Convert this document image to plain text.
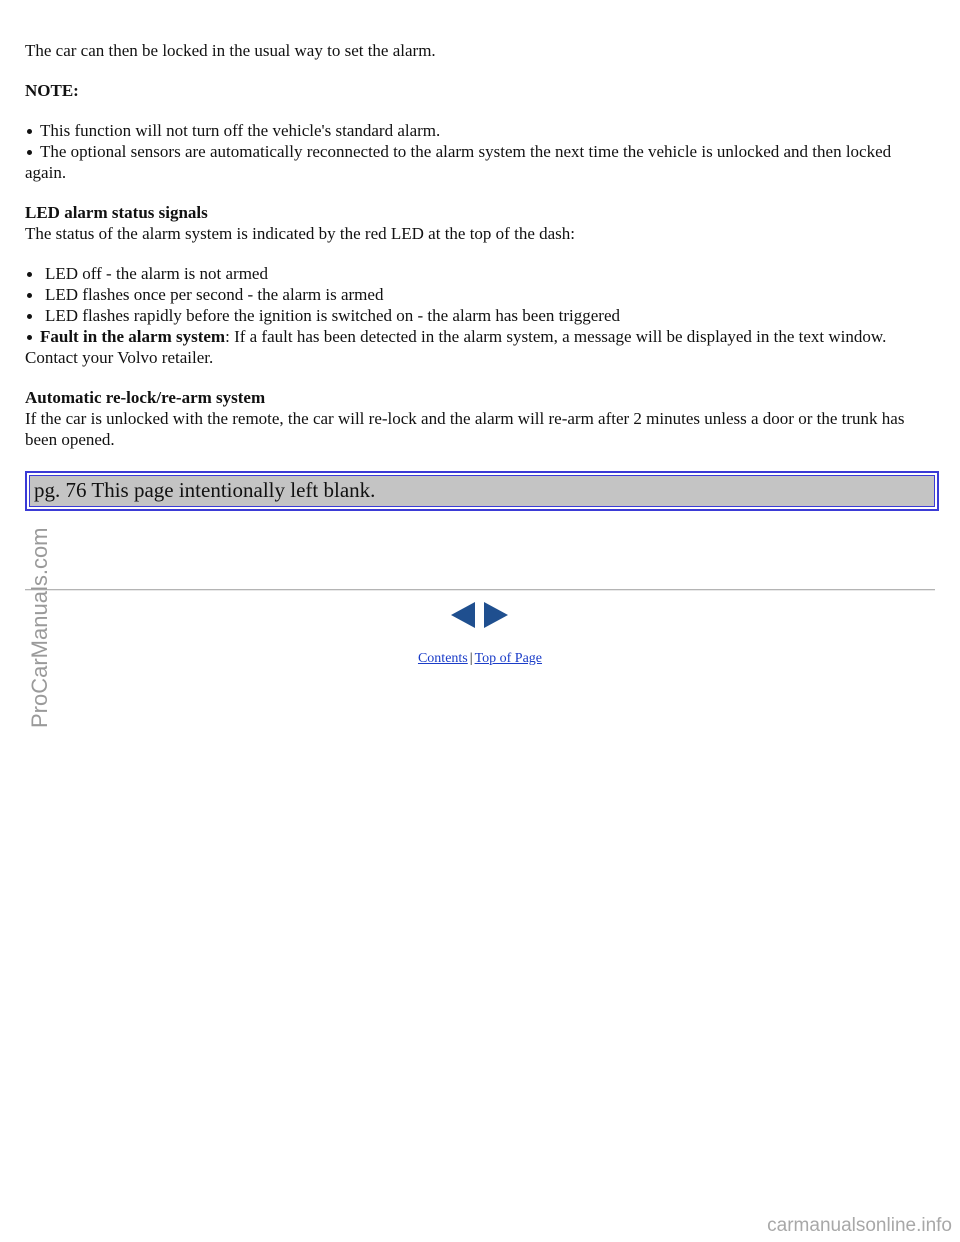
The car can then be locked in the usual way to set the alarm.

NOTE:

This function will not turn off the vehicle's standard alarm.
The optional sensors are automatically reconnected to the alarm system the next time the vehicle is unlocked and then locked again.

LED alarm status signals

The status of the alarm system is indicated by the red LED at the top of the dash:

LED off - the alarm is not armed
LED flashes once per second - the alarm is armed
LED flashes rapidly before the ignition is switched on - the alarm has been triggered
Fault in the alarm system: If a fault has been detected in the alarm system, a message will be displayed in the text window. Contact your Volvo retailer.

Automatic re-lock/re-arm system

If the car is unlocked with the remote, the car will re-lock and the alarm will re-arm after 2 minutes unless a door or the trunk has been opened.

pg. 76 This page intentionally left blank.
Contents | Top of Page
ProCarManuals.com
carmanualsonline.info
